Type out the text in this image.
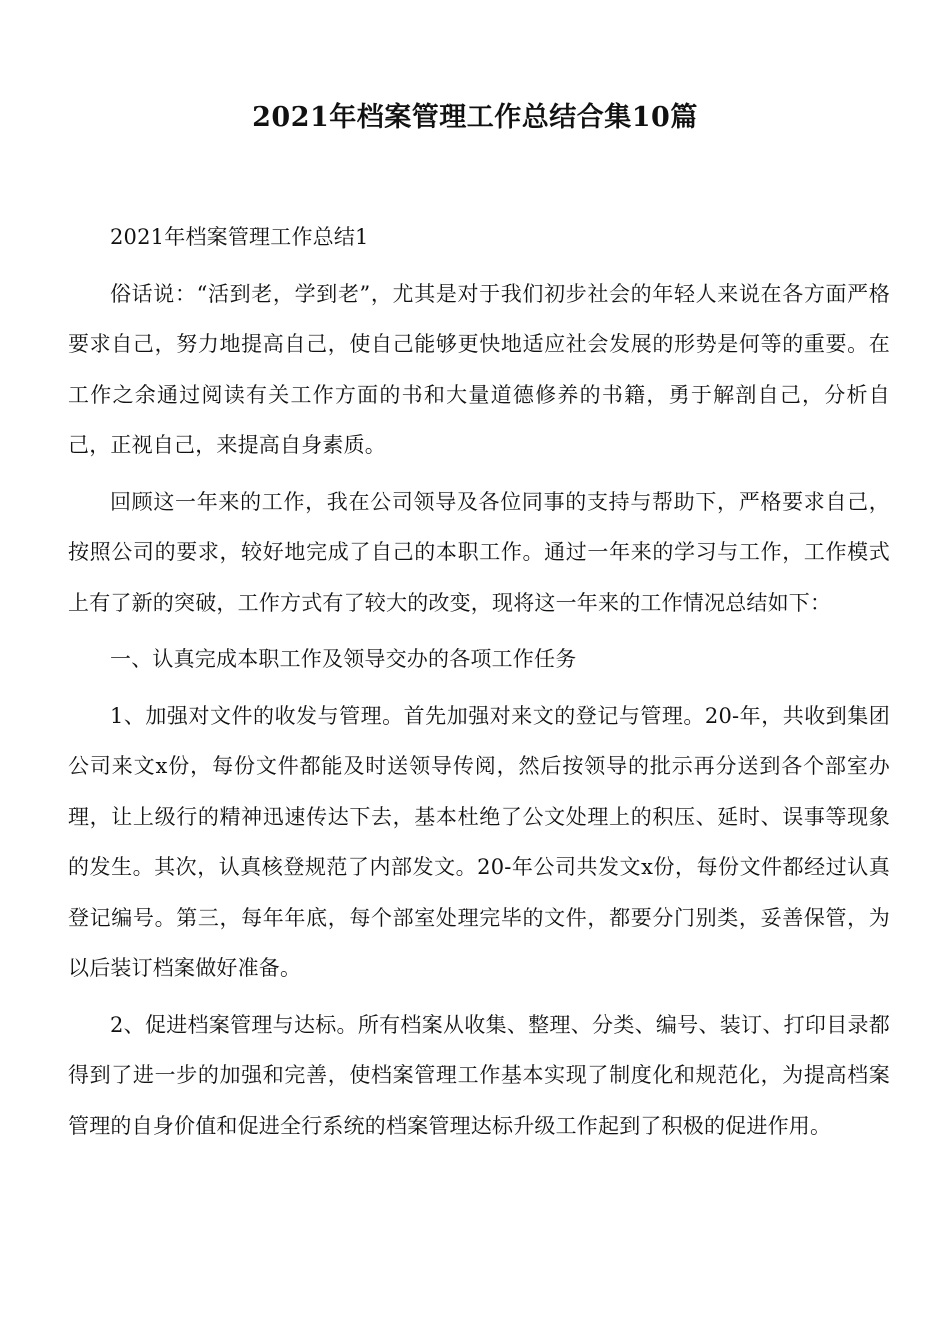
2021年档案管理工作总结合集10篇

2021年档案管理工作总结1

俗话说：“活到老，学到老”，尤其是对于我们初步社会的年轻人来说在各方面严格要求自己，努力地提高自己，使自己能够更快地适应社会发展的形势是何等的重要。在工作之余通过阅读有关工作方面的书和大量道德修养的书籍，勇于解剖自己，分析自己，正视自己，来提高自身素质。

回顾这一年来的工作，我在公司领导及各位同事的支持与帮助下，严格要求自己，按照公司的要求，较好地完成了自己的本职工作。通过一年来的学习与工作，工作模式上有了新的突破，工作方式有了较大的改变，现将这一年来的工作情况总结如下：

一、认真完成本职工作及领导交办的各项工作任务

1、加强对文件的收发与管理。首先加强对来文的登记与管理。20-年，共收到集团公司来文x份，每份文件都能及时送领导传阅，然后按领导的批示再分送到各个部室办理，让上级行的精神迅速传达下去，基本杜绝了公文处理上的积压、延时、误事等现象的发生。其次，认真核登规范了内部发文。20-年公司共发文x份，每份文件都经过认真登记编号。第三，每年年底，每个部室处理完毕的文件，都要分门别类，妥善保管，为以后装订档案做好准备。

2、促进档案管理与达标。所有档案从收集、整理、分类、编号、装订、打印目录都得到了进一步的加强和完善，使档案管理工作基本实现了制度化和规范化，为提高档案管理的自身价值和促进全行系统的档案管理达标升级工作起到了积极的促进作用。
